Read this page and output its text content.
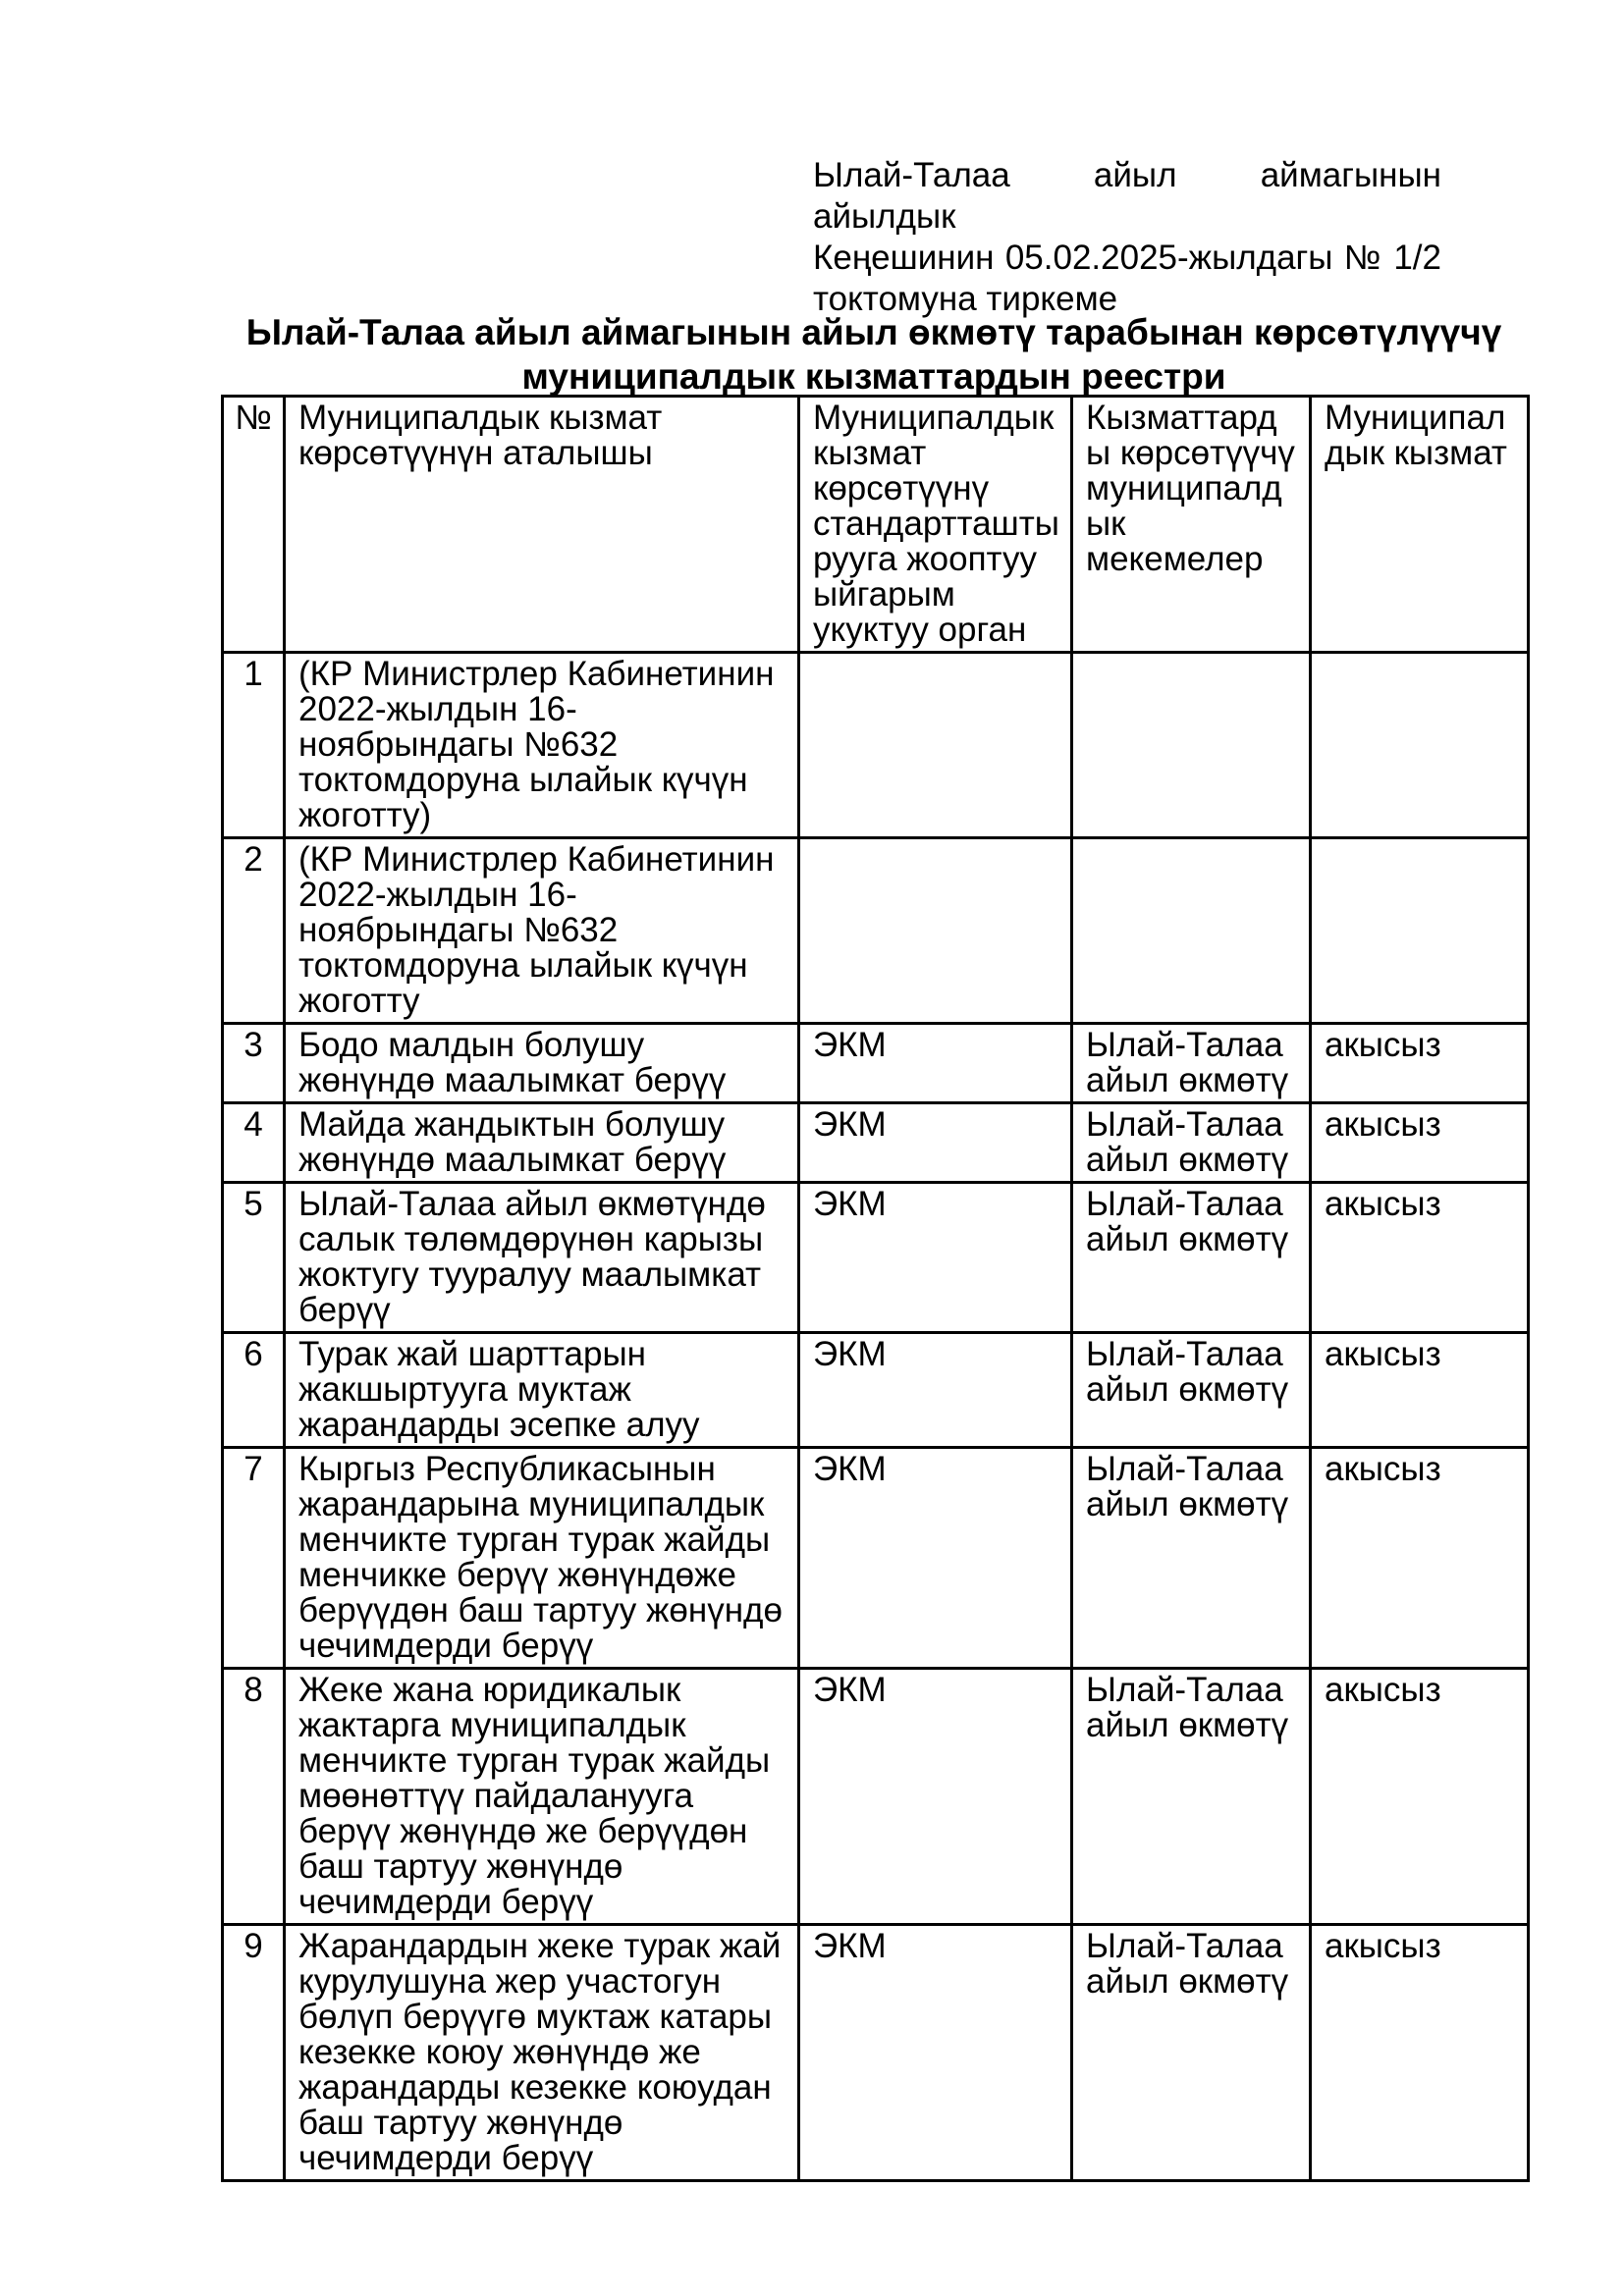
Ылай-Талаа айыл аймагынын айылдык
Кеңешинин 05.02.2025-жылдагы № 1/2
токтомуна тиркеме
Ылай-Талаа айыл аймагынын айыл өкмөтү тарабынан көрсөтүлүүчү муниципалдык кызматтардын реестри
№	Муниципалдык кызмат көрсөтүүнүн аталышы	Муниципалдык кызмат көрсөтүүнү стандартташтырууга жооптуу ыйгарым укуктуу орган	Кызматтарды көрсөтүүчү муниципалдык мекемелер	Муниципалдык кызмат
1	(КР Министрлер Кабинетинин 2022-жылдын 16-ноябрындагы №632 токтомдоруна ылайык күчүн жоготту)			
2	(КР Министрлер Кабинетинин 2022-жылдын 16-ноябрындагы №632 токтомдоруна ылайык күчүн жоготту			
3	Бодо малдын болушу жөнүндө маалымкат берүү	ЭКМ	Ылай-Талаа айыл өкмөтү	акысыз
4	Майда жандыктын болушу жөнүндө маалымкат берүү	ЭКМ	Ылай-Талаа айыл өкмөтү	акысыз
5	Ылай-Талаа айыл өкмөтүндө салык төлөмдөрүнөн карызы жоктугу тууралуу маалымкат берүү	ЭКМ	Ылай-Талаа айыл өкмөтү	акысыз
6	Турак жай шарттарын жакшыртууга муктаж жарандарды эсепке алуу	ЭКМ	Ылай-Талаа айыл өкмөтү	акысыз
7	Кыргыз Республикасынын жарандарына муниципалдык менчикте турган турак жайды менчикке берүү жөнүндөже берүүдөн баш тартуу жөнүндө чечимдерди берүү	ЭКМ	Ылай-Талаа айыл өкмөтү	акысыз
8	Жеке жана юридикалык жактарга муниципалдык менчикте турган турак жайды мөөнөттүү пайдаланууга берүү жөнүндө же берүүдөн баш тартуу жөнүндө чечимдерди берүү	ЭКМ	Ылай-Талаа айыл өкмөтү	акысыз
9	Жарандардын жеке турак жай курулушуна жер участогун бөлүп берүүгө муктаж катары кезекке коюу жөнүндө же жарандарды кезекке коюудан баш тартуу жөнүндө чечимдерди берүү	ЭКМ	Ылай-Талаа айыл өкмөтү	акысыз
